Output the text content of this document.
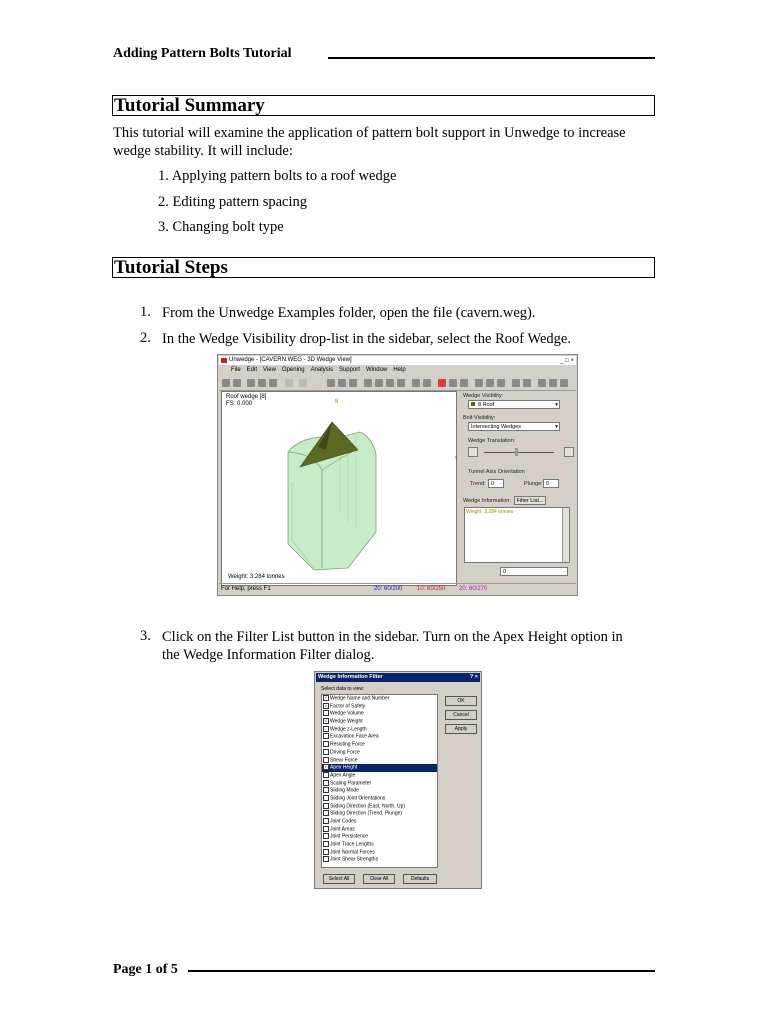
Adding Pattern Bolts Tutorial
Tutorial Summary
This tutorial will examine the application of pattern bolt support in Unwedge to increase
wedge stability. It will include:
1. Applying pattern bolts to a roof wedge
2. Editing pattern spacing
3. Changing bolt type
Tutorial Steps
1. From the Unwedge Examples folder, open the file (cavern.weg).
2. In the Wedge Visibility drop-list in the sidebar, select the Roof Wedge.
Unwedge - [CAVERN.WEG - 3D Wedge View]	_ □ ×
File Edit View Opening Analysis Support Window Help
Roof wedge [8]
FS: 0.000	8
Weight: 3.284 tonnes
›
Wedge Visibility:
8 Roof	▾
Bolt Visibility:
Intersecting Wedges	▾
Wedge Translation:
Tunnel Axis Orientation
Trend: 0	Plunge: 0
Wedge Information:	Filter List...
Weight: 3.284 tonnes
0
For Help, press F1	20: 60/200 10: 60/250 20: 60/270
3. Click on the Filter List button in the sidebar. Turn on the Apex Height option in
the Wedge Information Filter dialog.
Wedge Information Filter	? ×
Select data to view:
✓ Wedge Name and Number
✓ Factor of Safety
Wedge Volume
✓ Wedge Weight
Wedge z-Length
Excavation Face Area
Resisting Force
Driving Force
Shear Force
✓ Apex Height
Apex Angle
Scaling Parameter
Sliding Mode
Sliding Joint Orientations
Sliding Direction (East, North, Up)
Sliding Direction (Trend, Plunge)
Joint Codes
Joint Areas
Joint Persistence
Joint Trace Lengths
Joint Normal Forces
Joint Shear Strengths
OK
Cancel
Apply
Select All	Clear All	Defaults
Page 1 of 5
